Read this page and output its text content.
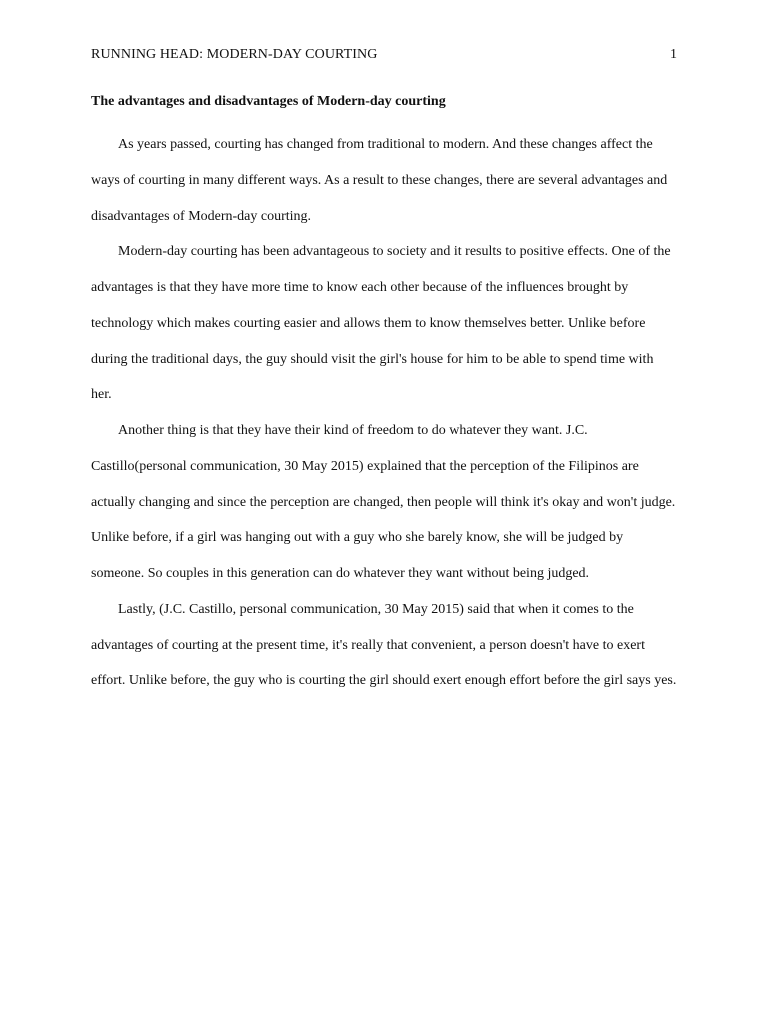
RUNNING HEAD: MODERN-DAY COURTING	1
The advantages and disadvantages of Modern-day courting

As years passed, courting has changed from traditional to modern. And these changes affect the ways of courting in many different ways. As a result to these changes, there are several advantages and disadvantages of Modern-day courting.

Modern-day courting has been advantageous to society and it results to positive effects. One of the advantages is that they have more time to know each other because of the influences brought by technology which makes courting easier and allows them to know themselves better. Unlike before during the traditional days, the guy should visit the girl's house for him to be able to spend time with her.

Another thing is that they have their kind of freedom to do whatever they want. J.C. Castillo(personal communication, 30 May 2015) explained that the perception of the Filipinos are actually changing and since the perception are changed, then people will think it's okay and won't judge. Unlike before, if a girl was hanging out with a guy who she barely know, she will be judged by someone. So couples in this generation can do whatever they want without being judged.

Lastly, (J.C. Castillo, personal communication, 30 May 2015) said that when it comes to the advantages of courting at the present time, it's really that convenient, a person doesn't have to exert effort. Unlike before, the guy who is courting the girl should exert enough effort before the girl says yes.
